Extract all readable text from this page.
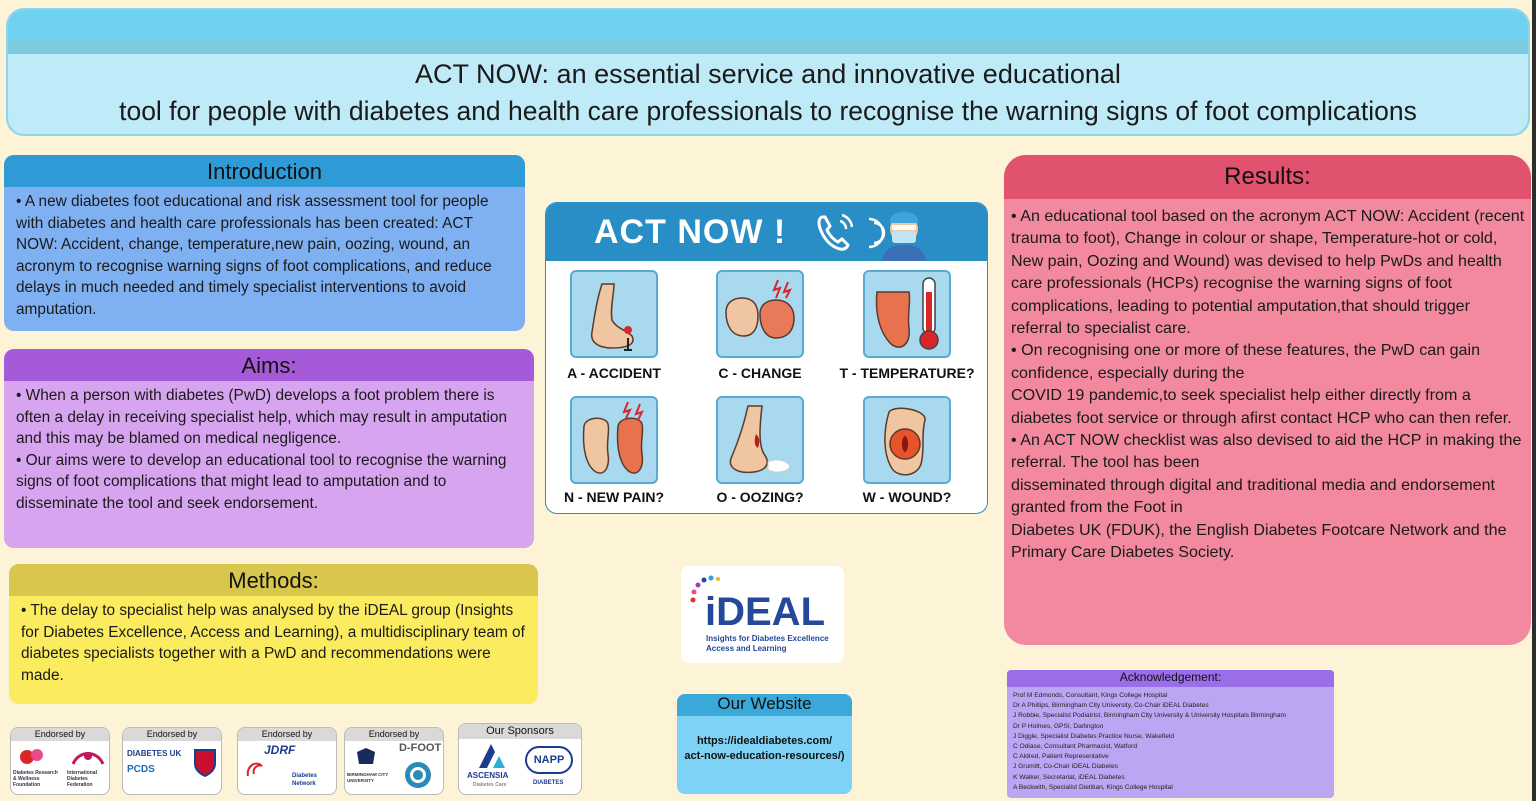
ACT NOW: an essential service and innovative educational
tool for people with diabetes and health care professionals to recognise the warning signs of foot complications
Introduction

• A new diabetes foot educational and risk assessment tool for people with diabetes and health care professionals has been created: ACT NOW: Accident, change, temperature,new pain, oozing, wound, an acronym to recognise warning signs of foot complications, and reduce delays in much needed and timely specialist interventions to avoid amputation.

Aims:

• When a person with diabetes (PwD) develops a foot problem there is often a delay in receiving specialist help, which may result in amputation and this may be blamed on medical negligence.

• Our aims were to develop an educational tool to recognise the warning signs of foot complications that might lead to amputation and to disseminate the tool and seek endorsement.

Methods:

• The delay to specialist help was analysed by the iDEAL group (Insights for Diabetes Excellence, Access and Learning), a multidisciplinary team of diabetes specialists together with a PwD and recommendations were made.

ACT NOW !
A - ACCIDENT	C - CHANGE	T - TEMPERATURE?
N - NEW PAIN?	O - OOZING?	W - WOUND?
iDEAL
Insights for Diabetes Excellence
Access and Learning
Our Website
https://idealdiabetes.com/
act-now-education-resources/)
Results:

• An educational tool based on the acronym ACT NOW: Accident (recent trauma to foot), Change in colour or shape, Temperature-hot or cold, New pain, Oozing and Wound) was devised to help PwDs and health care professionals (HCPs) recognise the warning signs of foot complications, leading to potential amputation,that should trigger referral to specialist care.

• On recognising one or more of these features, the PwD can gain confidence, especially during the

COVID 19 pandemic,to seek specialist help either directly from a diabetes foot service or through afirst contact HCP who can then refer.

• An ACT NOW checklist was also devised to aid the HCP in making the referral. The tool has been

disseminated through digital and traditional media and endorsement granted from the Foot in

Diabetes UK (FDUK), the English Diabetes Footcare Network and the Primary Care Diabetes Society.

Acknowledgement:
Prof M Edmonds, Consultant, Kings College Hospital
Dr A Phillips, Birmingham City University, Co-Chair iDEAL Diabetes
J Robbie, Specialist Podiatrist, Birmingham City University & University Hospitals Birmingham
Dr P Holmes, GPSI, Darlington
J Diggle, Specialist Diabetes Practice Nurse, Wakefield
C Odiase, Consultant Pharmacist, Watford
C Aldred, Patient Representative
J Grumitt, Co-Chair iDEAL Diabetes
K Walker, Secretariat, iDEAL Diabetes
A Beckwith, Specialist Dietitian, Kings College Hospital
Endorsed by
Diabetes Research & Wellness Foundation
International Diabetes Federation
Endorsed by
DIABETES UK
PCDS
Endorsed by
JDRF
Diabetes Network
Endorsed by
BIRMINGHAM CITY UNIVERSITY
D-FOOT
Our Sponsors
ASCENSIA
Diabetes Care
NAPP
DIABETES
